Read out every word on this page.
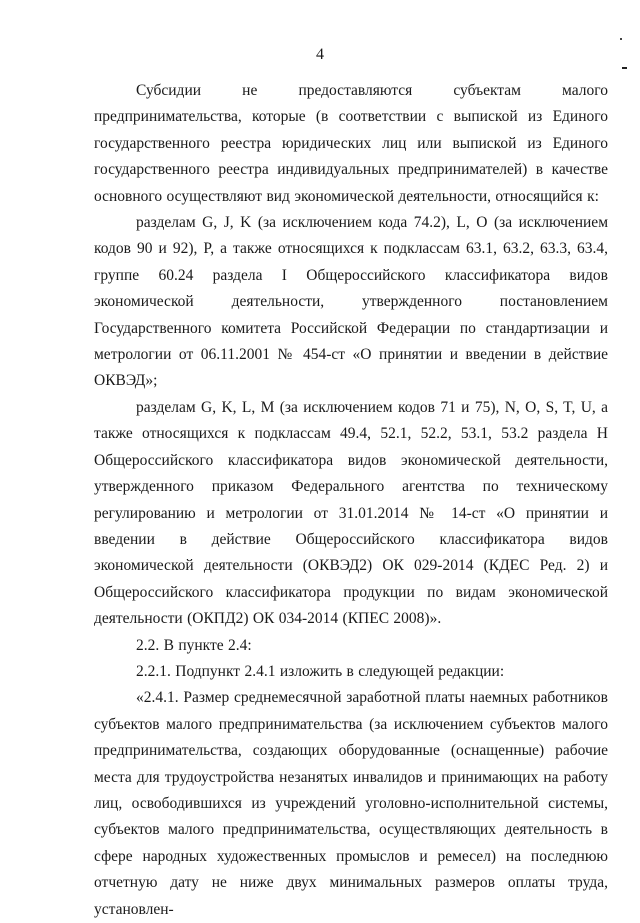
4

Субсидии не предоставляются субъектам малого предпринимательства, которые (в соответствии с выпиской из Единого государственного реестра юридических лиц или выпиской из Единого государственного реестра индивидуальных предпринимателей) в качестве основного осуществляют вид экономической деятельности, относящийся к:

разделам G, J, K (за исключением кода 74.2), L, O (за исключением кодов 90 и 92), P, а также относящихся к подклассам 63.1, 63.2, 63.3, 63.4, группе 60.24 раздела I Общероссийского классификатора видов экономической деятельности, утвержденного постановлением Государственного комитета Российской Федерации по стандартизации и метрологии от 06.11.2001 № 454-ст «О принятии и введении в действие ОКВЭД»;

разделам G, K, L, M (за исключением кодов 71 и 75), N, O, S, T, U, а также относящихся к подклассам 49.4, 52.1, 52.2, 53.1, 53.2 раздела H Общероссийского классификатора видов экономической деятельности, утвержденного приказом Федерального агентства по техническому регулированию и метрологии от 31.01.2014 № 14-ст «О принятии и введении в действие Общероссийского классификатора видов экономической деятельности (ОКВЭД2) ОК 029-2014 (КДЕС Ред. 2) и Общероссийского классификатора продукции по видам экономической деятельности (ОКПД2) ОК 034-2014 (КПЕС 2008)».

2.2. В пункте 2.4:

2.2.1. Подпункт 2.4.1 изложить в следующей редакции:

«2.4.1. Размер среднемесячной заработной платы наемных работников субъектов малого предпринимательства (за исключением субъектов малого предпринимательства, создающих оборудованные (оснащенные) рабочие места для трудоустройства незанятых инвалидов и принимающих на работу лиц, освободившихся из учреждений уголовно-исполнительной системы, субъектов малого предпринимательства, осуществляющих деятельность в сфере народных художественных промыслов и ремесел) на последнюю отчетную дату не ниже двух минимальных размеров оплаты труда, установлен-
